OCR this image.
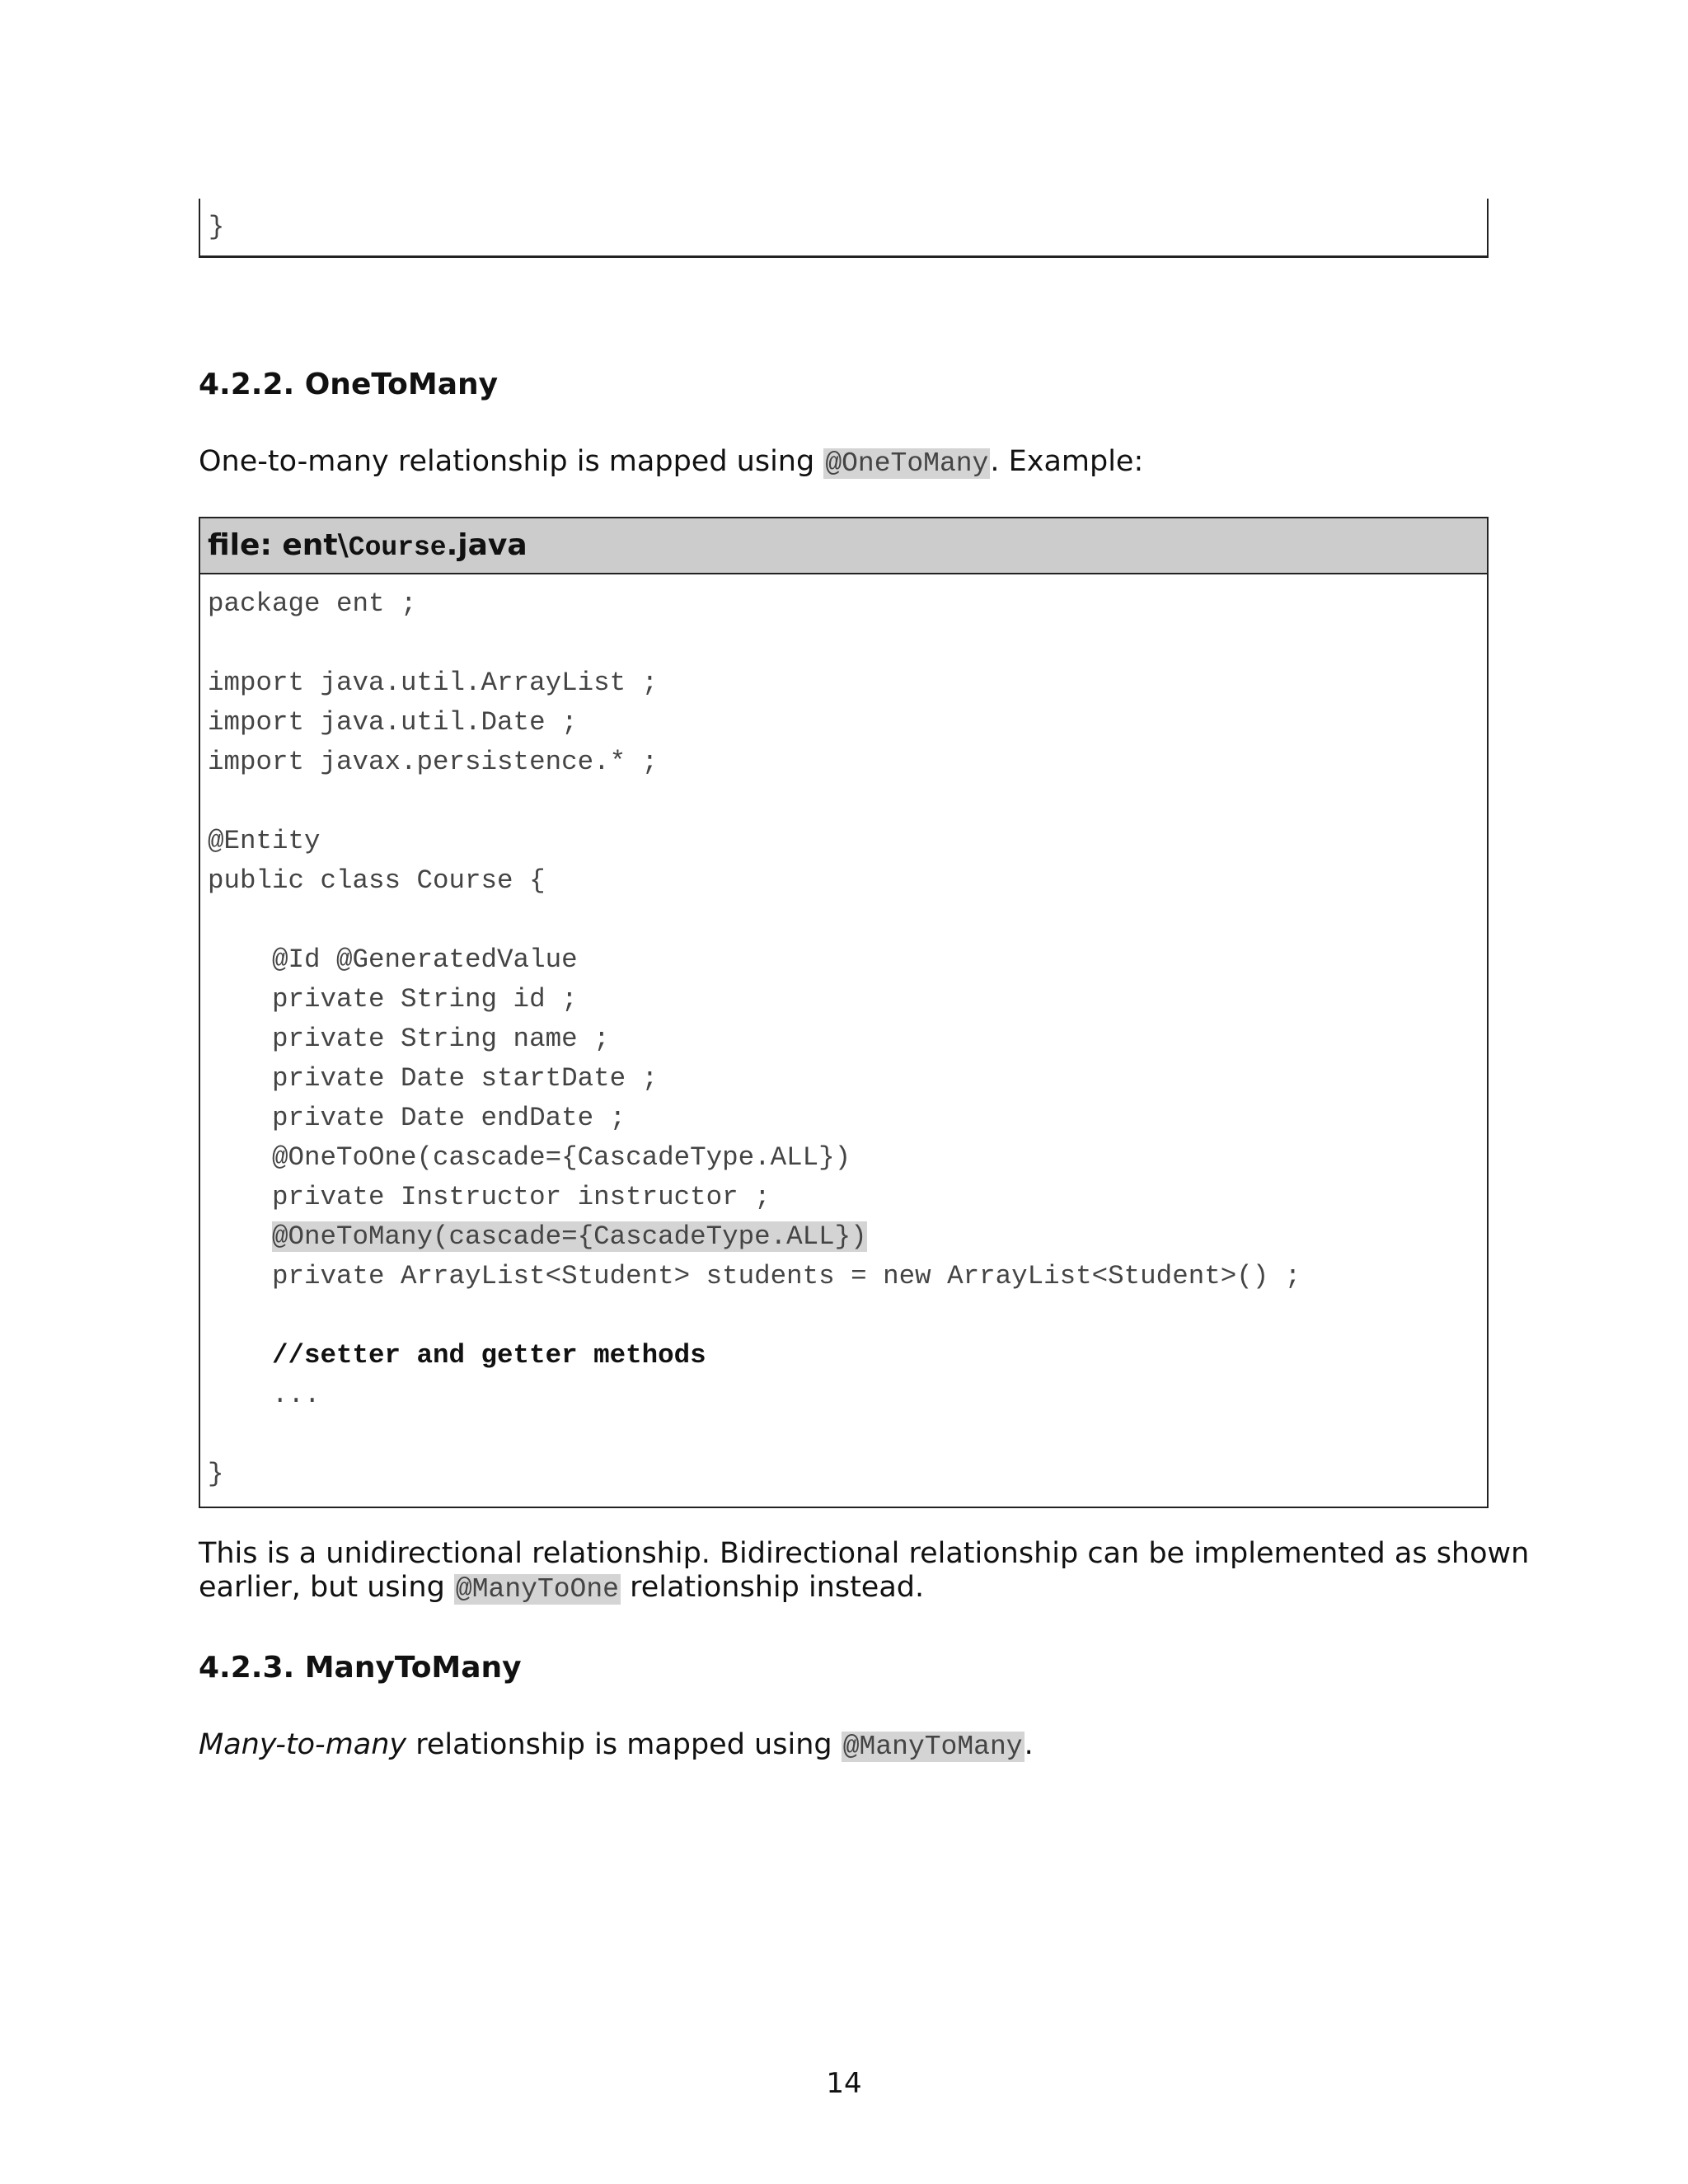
}
4.2.2. OneToMany
One-to-many relationship is mapped using @OneToMany. Example:
file: ent\Course.java
package ent ;
import java.util.ArrayList ;
import java.util.Date ;
import javax.persistence.* ;
@Entity
public class Course {
@Id @GeneratedValue
private String id ;
private String name ;
private Date startDate ;
private Date endDate ;
@OneToOne(cascade={CascadeType.ALL})
private Instructor instructor ;
@OneToMany(cascade={CascadeType.ALL})
private ArrayList<Student> students = new ArrayList<Student>() ;
//setter and getter methods
...
}
This is a unidirectional relationship. Bidirectional relationship can be implemented as shown
earlier, but using @ManyToOne relationship instead.
4.2.3. ManyToMany
Many-to-many relationship is mapped using @ManyToMany.
14
